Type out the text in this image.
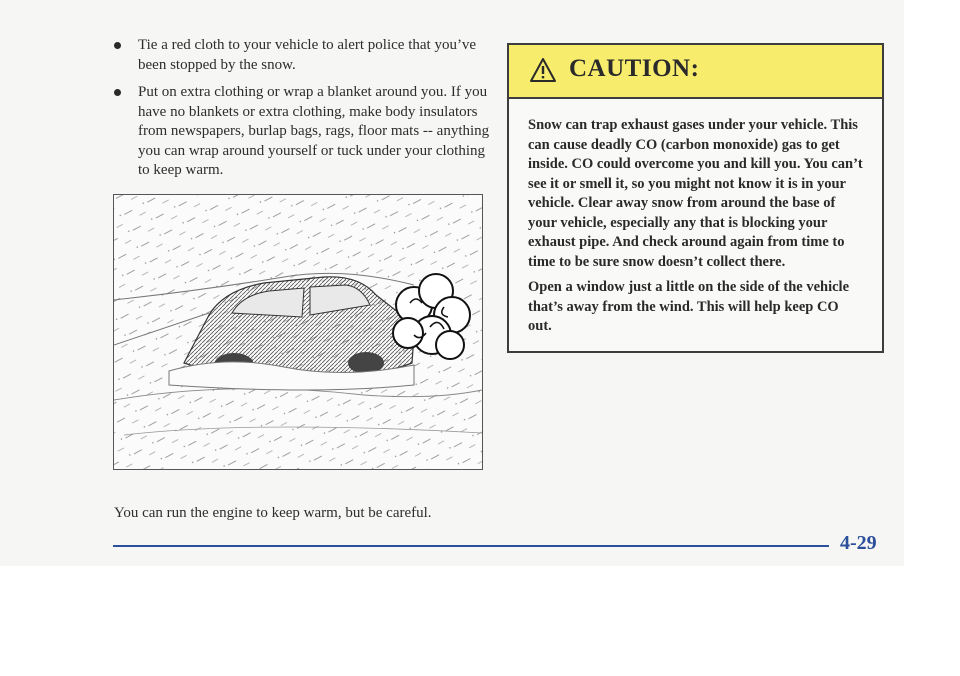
Tie a red cloth to your vehicle to alert police that you’ve been stopped by the snow.
Put on extra clothing or wrap a blanket around you. If you have no blankets or extra clothing, make body insulators from newspapers, burlap bags, rags, floor mats -- anything you can wrap around yourself or tuck under your clothing to keep warm.

You can run the engine to keep warm, but be careful.

CAUTION:

Snow can trap exhaust gases under your vehicle. This can cause deadly CO (carbon monoxide) gas to get inside. CO could overcome you and kill you. You can’t see it or smell it, so you might not know it is in your vehicle. Clear away snow from around the base of your vehicle, especially any that is blocking your exhaust pipe. And check around again from time to time to be sure snow doesn’t collect there.

Open a window just a little on the side of the vehicle that’s away from the wind. This will help keep CO out.

4-29
